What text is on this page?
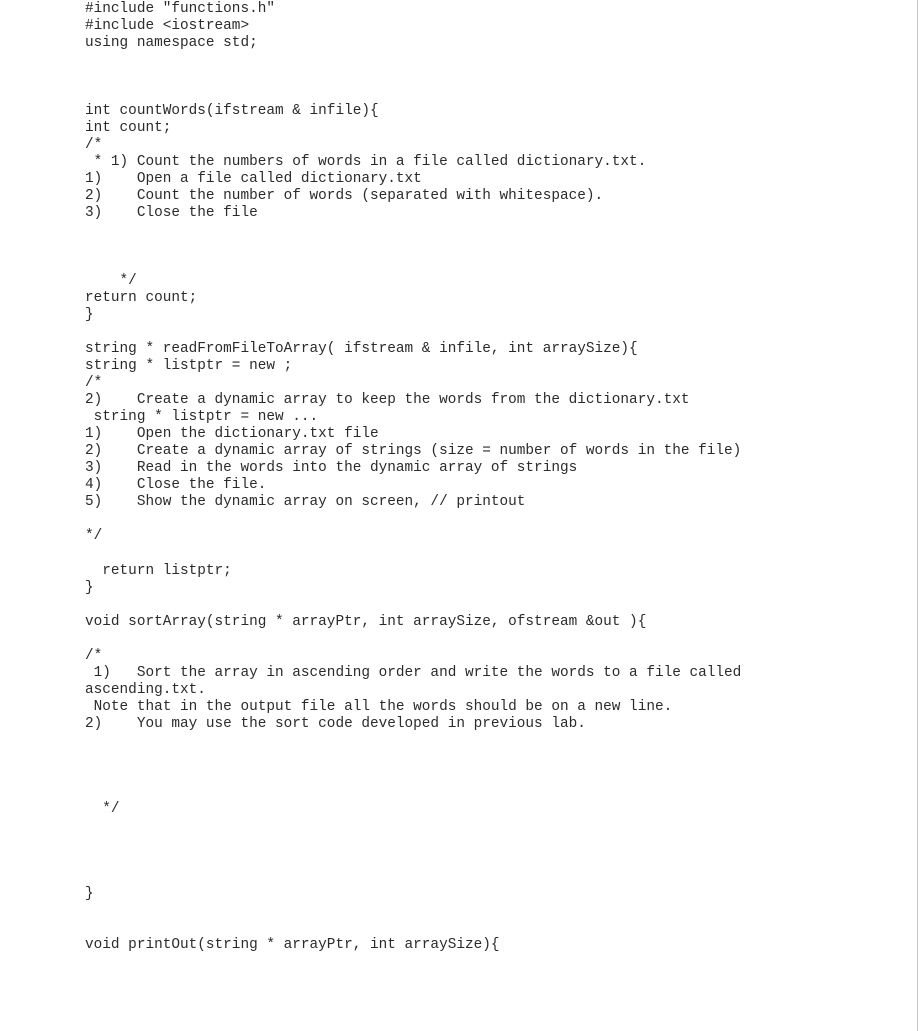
#include "functions.h"
#include <iostream>
using namespace std;
int countWords(ifstream & infile){
int count;
/*
* 1) Count the numbers of words in a file called dictionary.txt.
1)    Open a file called dictionary.txt
2)    Count the number of words (separated with whitespace).
3)    Close the file
*/
return count;
}
string * readFromFileToArray( ifstream & infile, int arraySize){
string * listptr = new ;
/*
2)    Create a dynamic array to keep the words from the dictionary.txt
string * listptr = new ...
1)    Open the dictionary.txt file
2)    Create a dynamic array of strings (size = number of words in the file)
3)    Read in the words into the dynamic array of strings
4)    Close the file.
5)    Show the dynamic array on screen, // printout
*/
return listptr;
}
void sortArray(string * arrayPtr, int arraySize, ofstream &out ){
/*
1)   Sort the array in ascending order and write the words to a file called
ascending.txt.
Note that in the output file all the words should be on a new line.
2)    You may use the sort code developed in previous lab.
*/
}
void printOut(string * arrayPtr, int arraySize){
